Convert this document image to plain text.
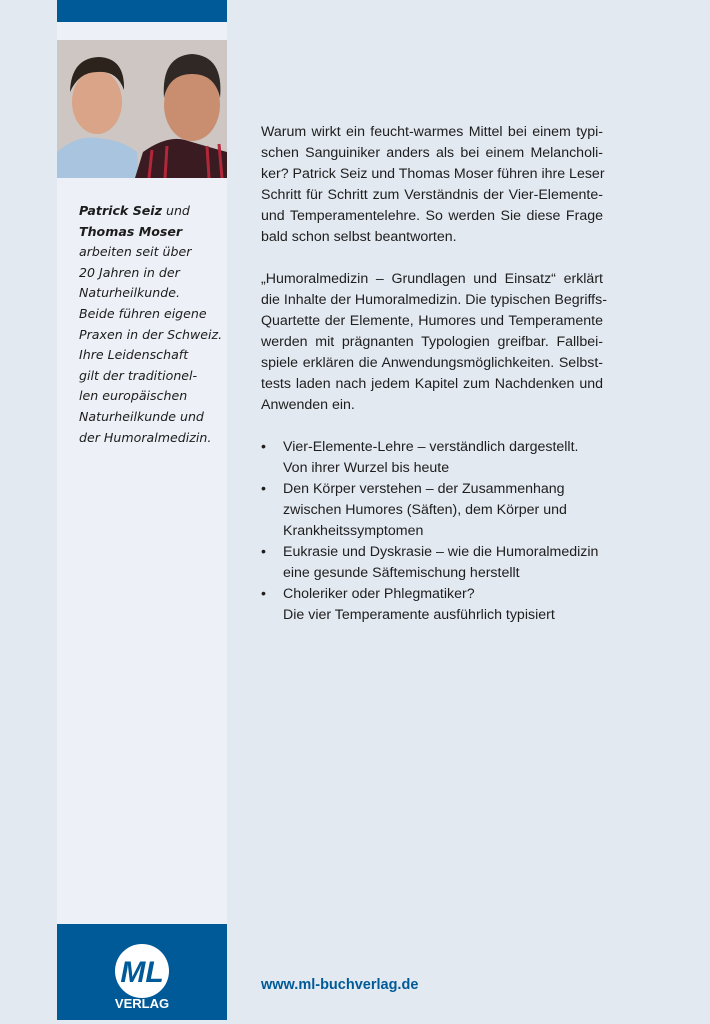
Patrick Seiz und
Thomas Moser
arbeiten seit über
20 Jahren in der
Naturheilkunde.
Beide führen eigene
Praxen in der Schweiz.
Ihre Leidenschaft
gilt der traditionel-
len europäischen
Naturheilkunde und
der Humoralmedizin.
ML
VERLAG
Warum wirkt ein feucht-warmes Mittel bei einem typi-
schen Sanguiniker anders als bei einem Melancholi-
ker? Patrick Seiz und Thomas Moser führen ihre Leser
Schritt für Schritt zum Verständnis der Vier-Elemente-
und Temperamentelehre. So werden Sie diese Frage
bald schon selbst beantworten.
„Humoralmedizin – Grundlagen und Einsatz“ erklärt
die Inhalte der Humoralmedizin. Die typischen Begriffs-
Quartette der Elemente, Humores und Temperamente
werden mit prägnanten Typologien greifbar. Fallbei-
spiele erklären die Anwendungsmöglichkeiten. Selbst-
tests laden nach jedem Kapitel zum Nachdenken und
Anwenden ein.
• Vier-Elemente-Lehre – verständlich dargestellt.
Von ihrer Wurzel bis heute
• Den Körper verstehen – der Zusammenhang
zwischen Humores (Säften), dem Körper und
Krankheitssymptomen
• Eukrasie und Dyskrasie – wie die Humoralmedizin
eine gesunde Säftemischung herstellt
• Choleriker oder Phlegmatiker?
Die vier Temperamente ausführlich typisiert
www.ml-buchverlag.de
